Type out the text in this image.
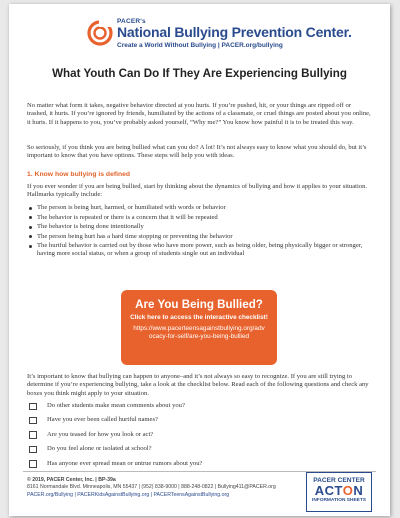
PACER's
National Bullying Prevention Center.
Create a World Without Bullying | PACER.org/bullying
What Youth Can Do If They Are Experiencing Bullying
No matter what form it takes, negative behavior directed at you hurts. If you’re pushed, hit, or your things are ripped off or trashed, it hurts. If you’re ignored by friends, humiliated by the actions of a classmate, or cruel things are posted about you online, it hurts. If it happens to you, you’ve probably asked yourself, “Why me?” You know how painful it is to be treated this way.
So seriously, if you think you are being bullied what can you do? A lot! It’s not always easy to know what you should do, but it’s important to know that you have options. These steps will help you with ideas.
1. Know how bullying is defined
If you ever wonder if you are being bullied, start by thinking about the dynamics of bullying and how it applies to your situation. Hallmarks typically include:
The person is being hurt, harmed, or humiliated with words or behavior
The behavior is repeated or there is a concern that it will be repeated
The behavior is being done intentionally
The person being hurt has a hard time stopping or preventing the behavior
The hurtful behavior is carried out by those who have more power, such as being older, being physically bigger or stronger, having more social status, or when a group of students single out an individual
Are You Being Bullied?
Click here to access the interactive checklist!
https://www.pacerteensagainstbullying.org/advocacy-for-self/are-you-being-bullied
It’s important to know that bullying can happen to anyone–and it’s not always so easy to recognize. If you are still trying to determine if you’re experiencing bullying, take a look at the checklist below. Read each of the following questions and check any boxes you think might apply to your situation.
Do other students make mean comments about you?
Have you ever been called hurtful names?
Are you teased for how you look or act?
Do you feel alone or isolated at school?
Has anyone ever spread mean or untrue rumors about you?
© 2019, PACER Center, Inc. | BP-39a
8161 Normandale Blvd. Minneapolis, MN 55437 | (952) 838-9000 | 888-248-0822 | Bullying411@PACER.org
PACER.org/Bullying | PACERKidsAgainstBullying.org | PACERTeensAgainstBullying.org
PACER CENTER
ACTON
INFORMATION SHEETS
